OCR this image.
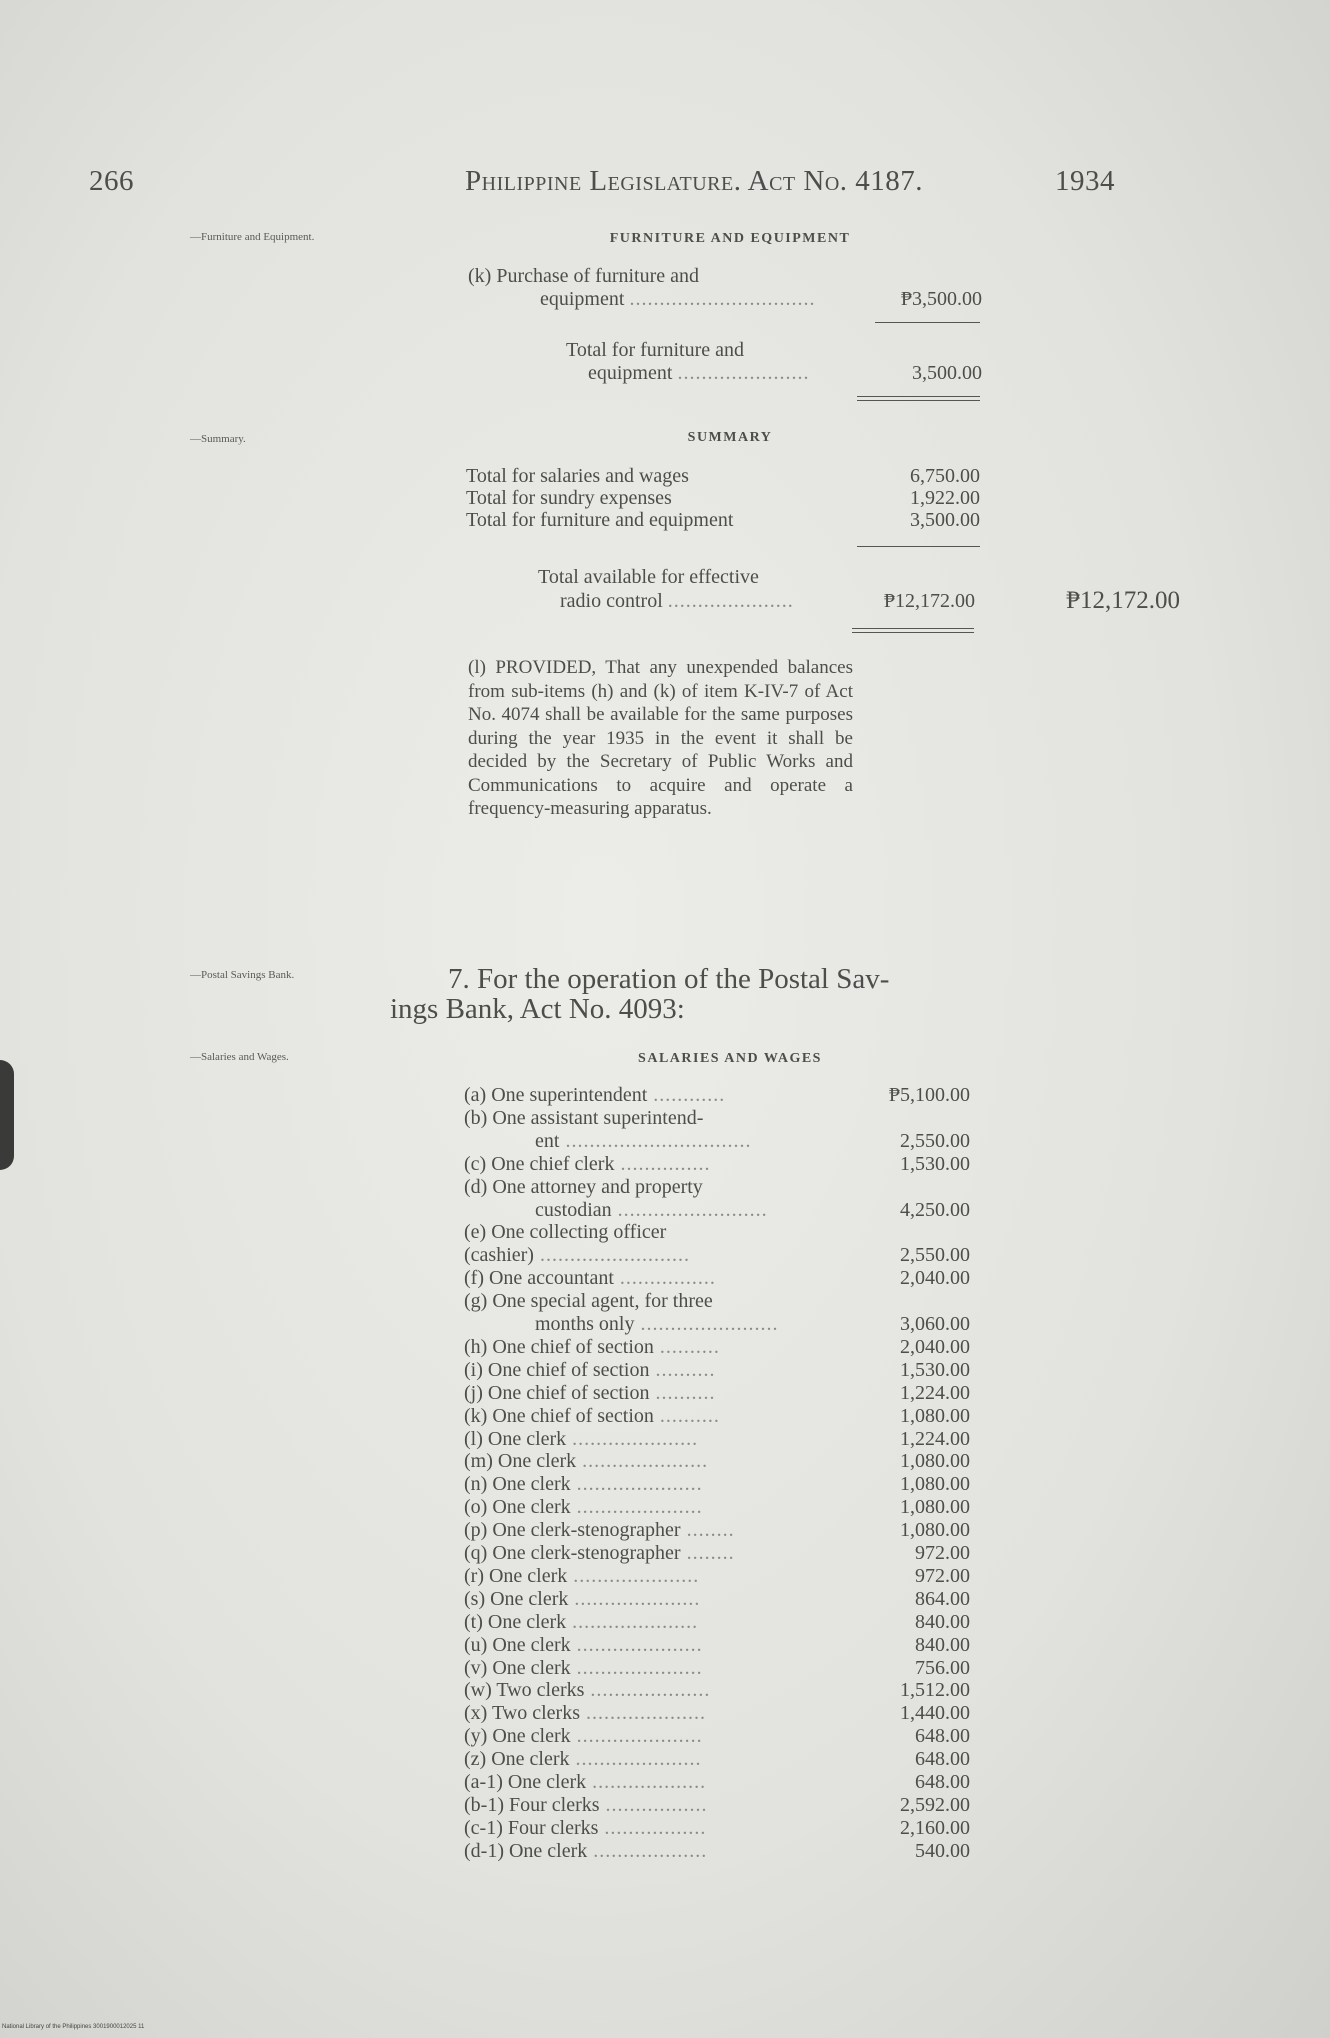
266	Philippine Legislature. Act No. 4187.	1934
—Furniture and Equipment.
—Summary.
—Postal Savings Bank.
—Salaries and Wages.
FURNITURE AND EQUIPMENT
(k) Purchase of furniture and
equipment ...............................	₱3,500.00
Total for furniture and
equipment ......................	3,500.00
SUMMARY
Total for salaries and wages	6,750.00
Total for sundry expenses	1,922.00
Total for furniture and equipment	3,500.00
Total available for effective
radio control .....................	₱12,172.00	₱12,172.00
(l) PROVIDED, That any unexpended balances from sub-items (h) and (k) of item K-IV-7 of Act No. 4074 shall be available for the same purposes during the year 1935 in the event it shall be decided by the Secretary of Public Works and Communications to acquire and operate a frequency-measuring apparatus.
7. For the operation of the Postal Sav-
ings Bank, Act No. 4093:
SALARIES AND WAGES
(a) One superintendent ............	₱5,100.00
(b) One assistant superintend-
ent ...............................	2,550.00
(c) One chief clerk ...............	1,530.00
(d) One attorney and property
custodian .........................	4,250.00
(e) One collecting officer
(cashier) .........................	2,550.00
(f) One accountant ................	2,040.00
(g) One special agent, for three
months only .......................	3,060.00
(h) One chief of section ..........	2,040.00
(i) One chief of section ..........	1,530.00
(j) One chief of section ..........	1,224.00
(k) One chief of section ..........	1,080.00
(l) One clerk .....................	1,224.00
(m) One clerk .....................	1,080.00
(n) One clerk .....................	1,080.00
(o) One clerk .....................	1,080.00
(p) One clerk-stenographer ........	1,080.00
(q) One clerk-stenographer ........	972.00
(r) One clerk .....................	972.00
(s) One clerk .....................	864.00
(t) One clerk .....................	840.00
(u) One clerk .....................	840.00
(v) One clerk .....................	756.00
(w) Two clerks ....................	1,512.00
(x) Two clerks ....................	1,440.00
(y) One clerk .....................	648.00
(z) One clerk .....................	648.00
(a-1) One clerk ...................	648.00
(b-1) Four clerks .................	2,592.00
(c-1) Four clerks .................	2,160.00
(d-1) One clerk ...................	540.00
National Library of the Philippines 3001900012025 11
